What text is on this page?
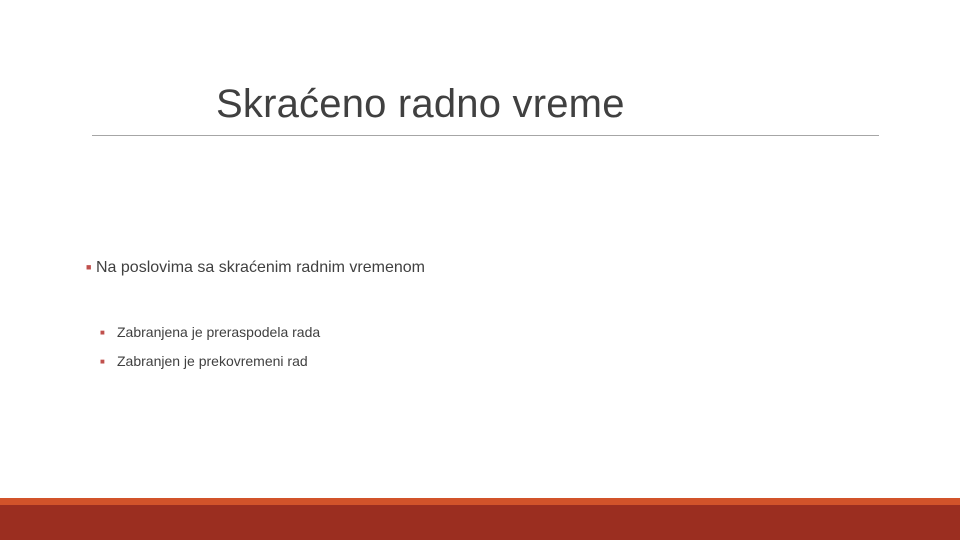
Skraćeno radno vreme
■ Na poslovima sa skraćenim radnim vremenom
■ Zabranjena je preraspodela rada
■ Zabranjen je prekovremeni rad
